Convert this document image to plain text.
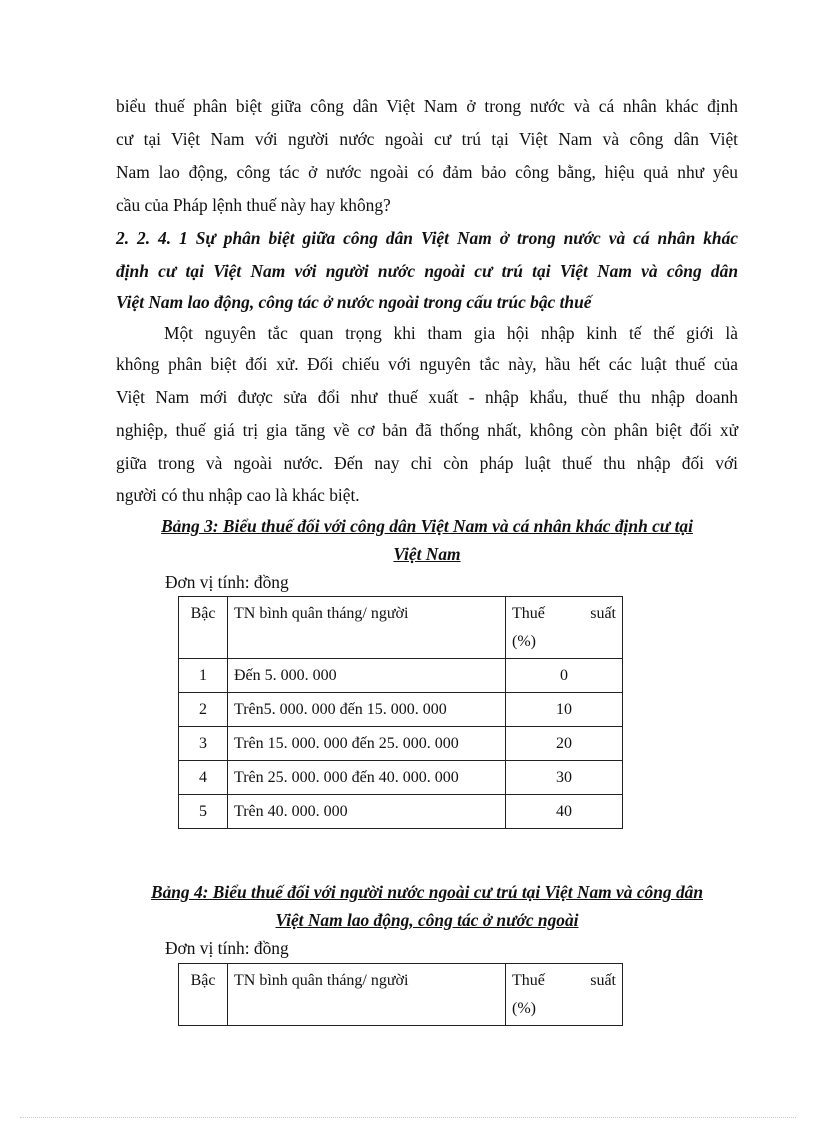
biểu thuế phân biệt giữa công dân Việt Nam ở trong nước và cá nhân khác định
cư tại Việt Nam với người nước ngoài cư trú tại Việt Nam và công dân Việt
Nam lao động, công tác ở nước ngoài có đảm bảo công bằng, hiệu quả như yêu
cầu của Pháp lệnh thuế này hay không?
2. 2. 4. 1 Sự phân biệt giữa công dân Việt Nam ở trong nước và cá nhân khác
định cư tại Việt Nam với người nước ngoài cư trú tại Việt Nam và công dân
Việt Nam lao động, công tác ở nước ngoài trong cấu trúc bậc thuế
Một nguyên tắc quan trọng khi tham gia hội nhập kinh tế thế giới là
không phân biệt đối xử. Đối chiếu với nguyên tắc này, hầu hết các luật thuế của
Việt Nam mới được sửa đổi như thuế xuất - nhập khẩu, thuế thu nhập doanh
nghiệp, thuế giá trị gia tăng về cơ bản đã thống nhất, không còn phân biệt đối xử
giữa trong và ngoài nước. Đến nay chỉ còn pháp luật thuế thu nhập đối với
người có thu nhập cao là khác biệt.
Bảng 3: Biểu thuế đối với công dân Việt Nam và cá nhân khác định cư tại
Việt Nam
Đơn vị tính: đồng
Bậc	TN bình quân tháng/ người	Thuế suất
(%)

1	Đến 5. 000. 000	0
2	Trên5. 000. 000 đến 15. 000. 000	10
3	Trên 15. 000. 000 đến 25. 000. 000	20
4	Trên 25. 000. 000 đến 40. 000. 000	30
5	Trên 40. 000. 000	40
Bảng 4: Biểu thuế đối với người nước ngoài cư trú tại Việt Nam và công dân
Việt Nam lao động, công tác ở nước ngoài
Đơn vị tính: đồng
Bậc	TN bình quân tháng/ người	Thuế	suất
(%)
